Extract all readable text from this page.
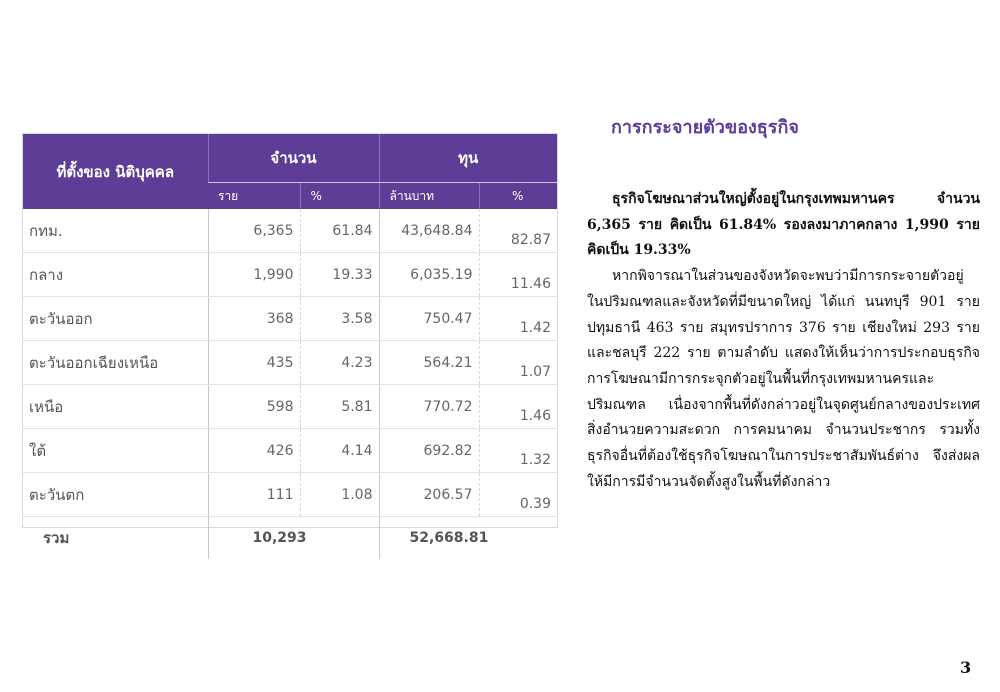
ที่ตั้งของ นิติบุคคล	จำนวน		ทุน	
	ราย	%	ล้านบาท	%
กทม.	6,365	61.84	43,648.84	82.87
กลาง	1,990	19.33	6,035.19	11.46
ตะวันออก	368	3.58	750.47	1.42
ตะวันออกเฉียงเหนือ	435	4.23	564.21	1.07
เหนือ	598	5.81	770.72	1.46
ใต้	426	4.14	692.82	1.32
ตะวันตก	111	1.08	206.57	0.39
รวม	10,293		52,668.81	
การกระจายตัวของธุรกิจ

ธุรกิจโฆษณาส่วนใหญ่ตั้งอยู่ในกรุงเทพมหานคร จำนวน 6,365 ราย คิดเป็น 61.84% รองลงมาภาคกลาง 1,990 ราย คิดเป็น 19.33%

หากพิจารณาในส่วนของจังหวัดจะพบว่ามีการกระจายตัวอยู่ในปริมณฑลและจังหวัดที่มีขนาดใหญ่ ได้แก่ นนทบุรี 901 ราย ปทุมธานี 463 ราย สมุทรปราการ 376 ราย เชียงใหม่ 293 ราย และชลบุรี 222 ราย ตามลำดับ แสดงให้เห็นว่าการประกอบธุรกิจการโฆษณามีการกระจุกตัวอยู่ในพื้นที่กรุงเทพมหานครและปริมณฑล เนื่องจากพื้นที่ดังกล่าวอยู่ในจุดศูนย์กลางของประเทศ สิ่งอำนวยความสะดวก การคมนาคม จำนวนประชากร รวมทั้งธุรกิจอื่นที่ต้องใช้ธุรกิจโฆษณาในการประชาสัมพันธ์ต่าง จึงส่งผลให้มีการมีจำนวนจัดตั้งสูงในพื้นที่ดังกล่าว

3
